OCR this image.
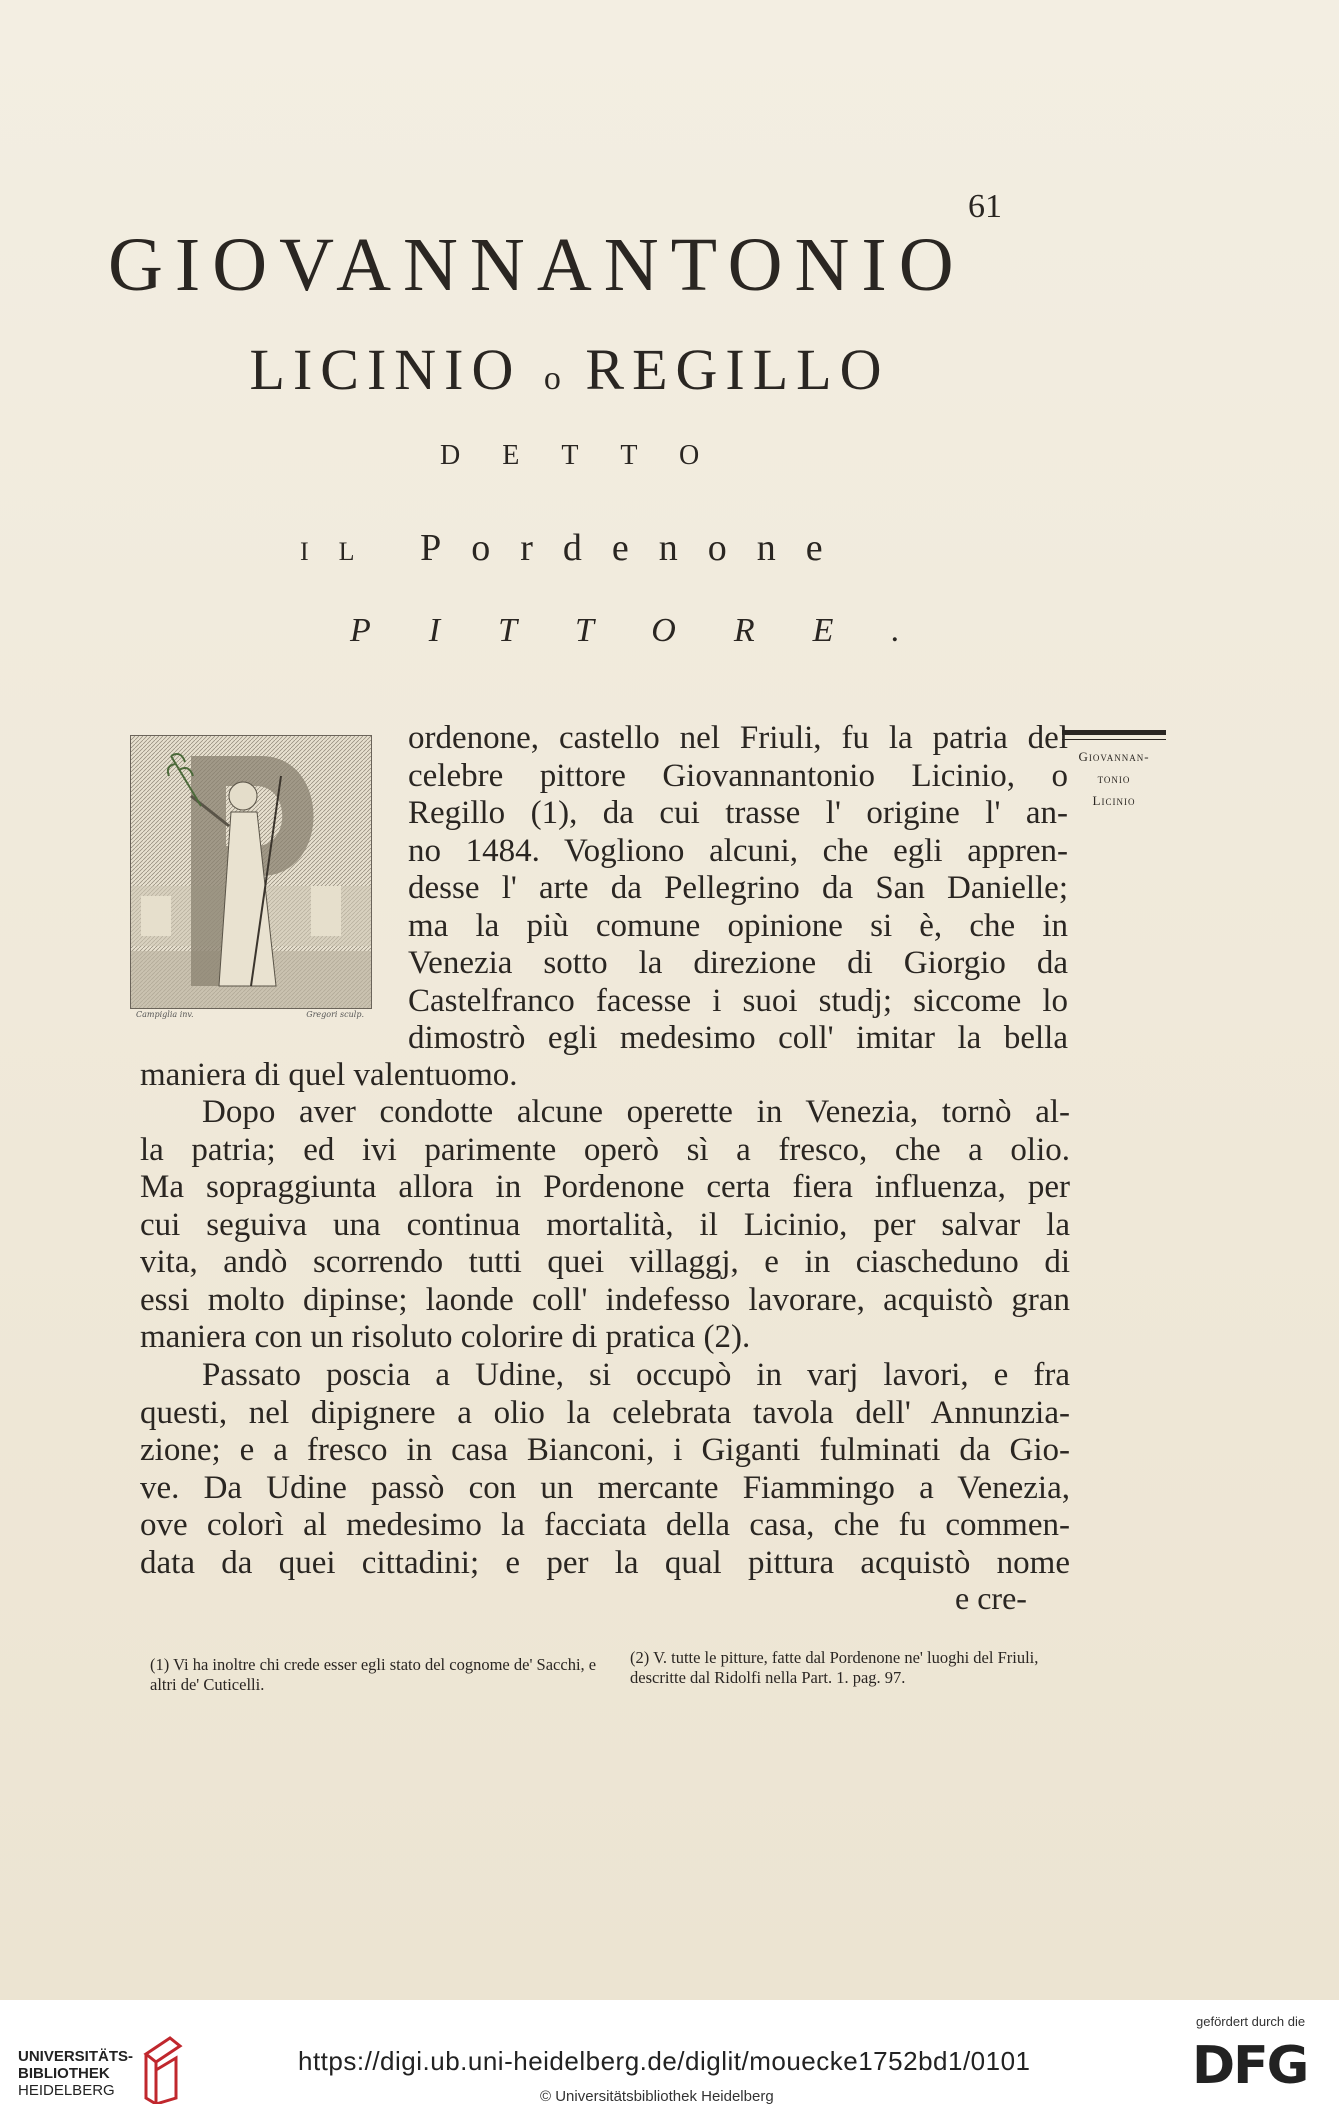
61
GIOVANNANTONIO
LICINIO o REGILLO
DETTO
IL Pordenone
PITTORE.
Campiglia inv.	Gregori sculp.
Giovannan-
tonio
Licinio
ordenone, castello nel Friuli, fu la patria del
celebre pittore Giovannantonio Licinio, o
Regillo (1), da cui trasse l' origine l' an-
no 1484. Vogliono alcuni, che egli appren-
desse l' arte da Pellegrino da San Danielle;
ma la più comune opinione si è, che in
Venezia sotto la direzione di Giorgio da
Castelfranco facesse i suoi studj; siccome lo
dimostrò egli medesimo coll' imitar la bella
maniera di quel valentuomo.
Dopo aver condotte alcune operette in Venezia, tornò al-
la patria; ed ivi parimente operò sì a fresco, che a olio.
Ma sopraggiunta allora in Pordenone certa fiera influenza, per
cui seguiva una continua mortalità, il Licinio, per salvar la
vita, andò scorrendo tutti quei villaggj, e in ciascheduno di
essi molto dipinse; laonde coll' indefesso lavorare, acquistò gran
maniera con un risoluto colorire di pratica (2).
Passato poscia a Udine, si occupò in varj lavori, e fra
questi, nel dipignere a olio la celebrata tavola dell' Annunzia-
zione; e a fresco in casa Bianconi, i Giganti fulminati da Gio-
ve. Da Udine passò con un mercante Fiammingo a Venezia,
ove colorì al medesimo la facciata della casa, che fu commen-
data da quei cittadini; e per la qual pittura acquistò nome
e cre-
(1) Vi ha inoltre chi crede esser egli stato del cognome de' Sacchi, e altri de' Cuticelli.
(2) V. tutte le pitture, fatte dal Pordenone ne' luoghi del Friuli, descritte dal Ridolfi nella Part. 1. pag. 97.
UNIVERSITÄTS-
BIBLIOTHEK
HEIDELBERG
https://digi.ub.uni-heidelberg.de/diglit/mouecke1752bd1/0101
© Universitätsbibliothek Heidelberg
gefördert durch die
DFG
